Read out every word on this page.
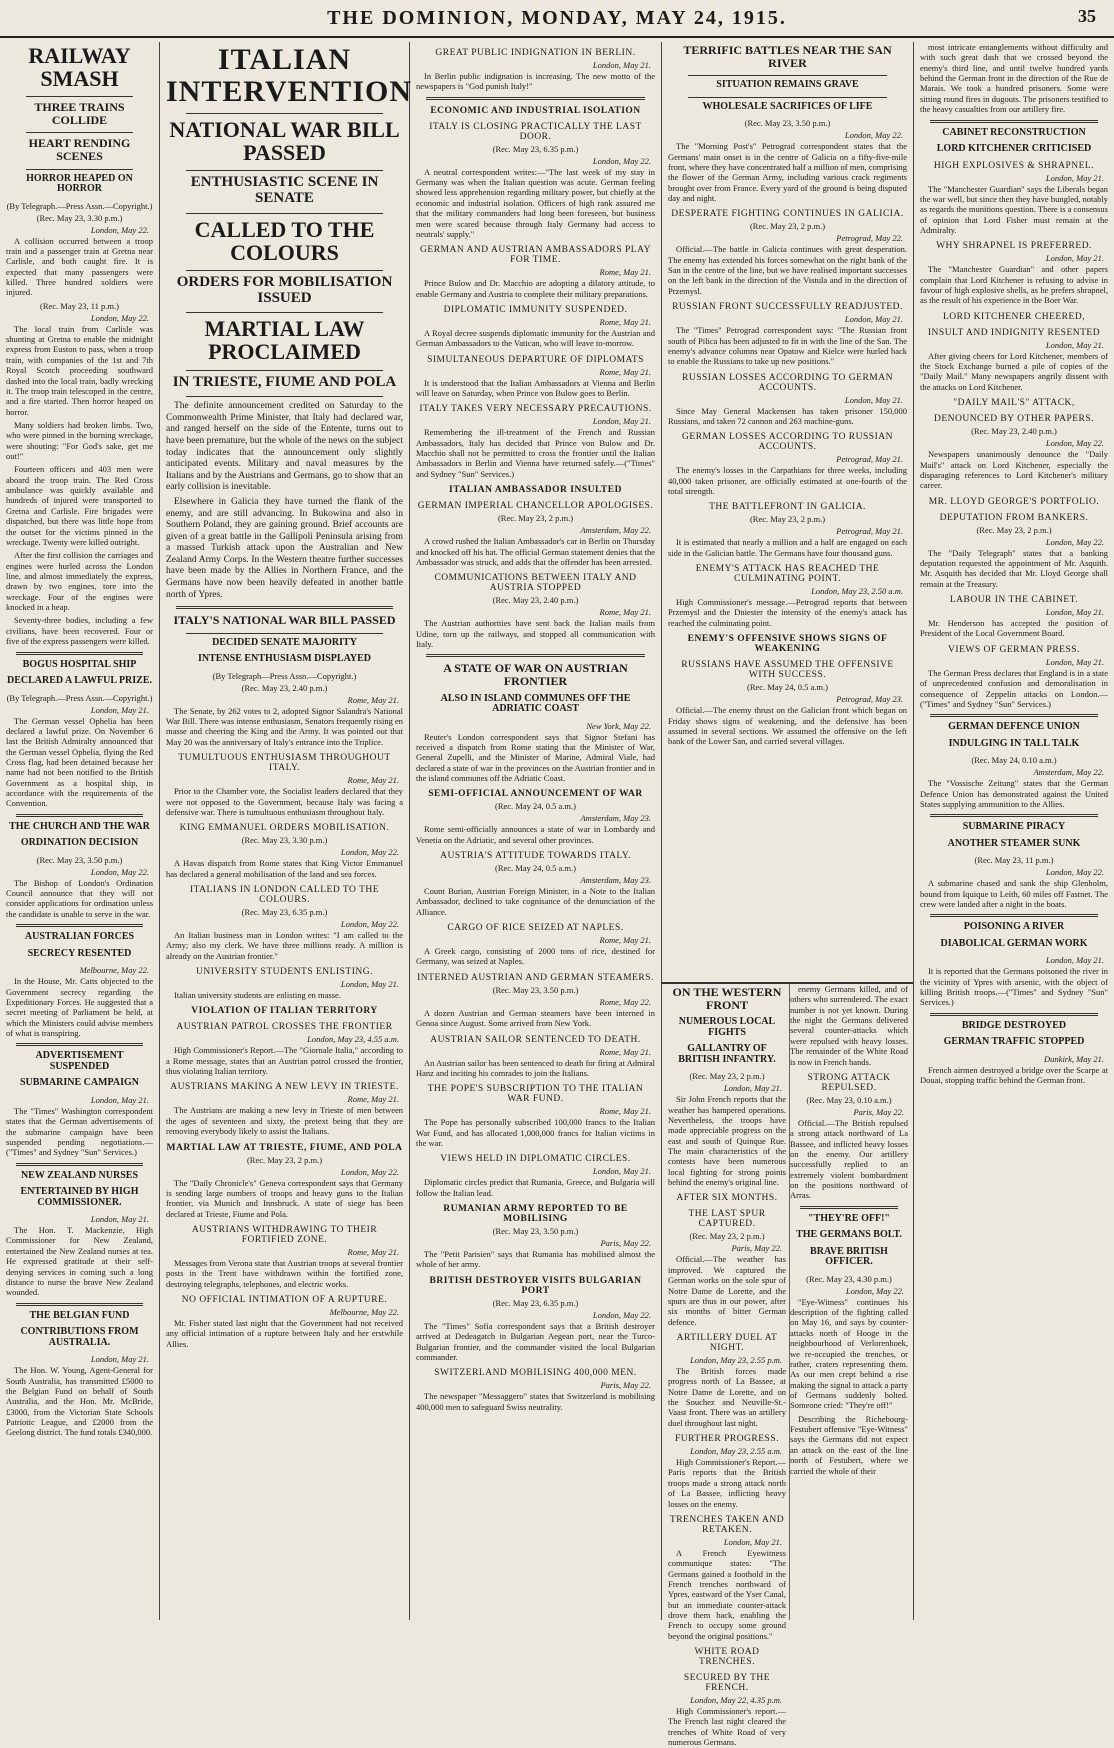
THE DOMINION, MONDAY, MAY 24, 1915.	35
RAILWAY SMASH
THREE TRAINS COLLIDE
HEART RENDING SCENES
HORROR HEAPED ON HORROR
(By Telegraph.—Press Assn.—Copyright.)
(Rec. May 23, 3.30 p.m.)
London, May 22.

A collision occurred between a troop train and a passenger train at Gretna near Carlisle, and both caught fire. It is expected that many passengers were killed. Three hundred soldiers were injured.

(Rec. May 23, 11 p.m.)
London, May 22.

The local train from Carlisle was shunting at Gretna to enable the midnight express from Euston to pass, when a troop train, with companies of the 1st and 7th Royal Scotch proceeding southward dashed into the local train, badly wrecking it. The troop train telescoped in the centre, and a fire started. Then horror heaped on horror.

Many soldiers had broken limbs. Two, who were pinned in the burning wreckage, were shouting: "For God's sake, get me out!"

Fourteen officers and 403 men were aboard the troop train. The Red Cross ambulance was quickly available and hundreds of injured were transported to Gretna and Carlisle. Fire brigades were dispatched, but there was little hope from the outset for the victims pinned in the wreckage. Twenty were killed outright.

After the first collision the carriages and engines were hurled across the London line, and almost immediately the express, drawn by two engines, tore into the wreckage. Four of the engines were knocked in a heap.

Seventy-three bodies, including a few civilians, have been recovered. Four or five of the express passengers were killed.

BOGUS HOSPITAL SHIP
DECLARED A LAWFUL PRIZE.
(By Telegraph.—Press Assn.—Copyright.)
London, May 21.

The German vessel Ophelia has been declared a lawful prize. On November 6 last the British Admiralty announced that the German vessel Ophelia, flying the Red Cross flag, had been detained because her name had not been notified to the British Government as a hospital ship, in accordance with the requirements of the Convention.

THE CHURCH AND THE WAR
ORDINATION DECISION
(Rec. May 23, 3.50 p.m.)
London, May 22.

The Bishop of London's Ordination Council announce that they will not consider applications for ordination unless the candidate is unable to serve in the war.

AUSTRALIAN FORCES
SECRECY RESENTED
Melbourne, May 22.

In the House, Mr. Catts objected to the Government secrecy regarding the Expeditionary Forces. He suggested that a secret meeting of Parliament be held, at which the Ministers could advise members of what is transpiring.

ADVERTISEMENT SUSPENDED
SUBMARINE CAMPAIGN
London, May 21.

The "Times" Washington correspondent states that the German advertisements of the submarine campaign have been suspended pending negotiations.—("Times" and Sydney "Sun" Services.)

NEW ZEALAND NURSES
ENTERTAINED BY HIGH COMMISSIONER.
London, May 21.

The Hon. T. Mackenzie, High Commissioner for New Zealand, entertained the New Zealand nurses at tea. He expressed gratitude at their self-denying services in coming such a long distance to nurse the brave New Zealand wounded.

THE BELGIAN FUND
CONTRIBUTIONS FROM AUSTRALIA.
London, May 21.

The Hon. W. Young, Agent-General for South Australia, has transmitted £5000 to the Belgian Fund on behalf of South Australia, and the Hon. Mr. McBride, £3000, from the Victorian State Schools Patriotic League, and £2000 from the Geelong district. The fund totals £340,000.

ITALIAN INTERVENTION
NATIONAL WAR BILL PASSED
ENTHUSIASTIC SCENE IN SENATE
CALLED TO THE COLOURS
ORDERS FOR MOBILISATION ISSUED
MARTIAL LAW PROCLAIMED
IN TRIESTE, FIUME AND POLA

The definite announcement credited on Saturday to the Commonwealth Prime Minister, that Italy had declared war, and ranged herself on the side of the Entente, turns out to have been premature, but the whole of the news on the subject today indicates that the announcement only slightly anticipated events. Military and naval measures by the Italians and by the Austrians and Germans, go to show that an early collision is inevitable.

Elsewhere in Galicia they have turned the flank of the enemy, and are still advancing. In Bukowina and also in Southern Poland, they are gaining ground. Brief accounts are given of a great battle in the Gallipoli Peninsula arising from a massed Turkish attack upon the Australian and New Zealand Army Corps. In the Western theatre further successes have been made by the Allies in Northern France, and the Germans have now been heavily defeated in another battle north of Ypres.

ITALY'S NATIONAL WAR BILL PASSED
DECIDED SENATE MAJORITY
INTENSE ENTHUSIASM DISPLAYED
(By Telegraph—Press Assn.—Copyright.)
(Rec. May 23, 2.40 p.m.)
Rome, May 21.

The Senate, by 262 votes to 2, adopted Signor Salandra's National War Bill. There was intense enthusiasm, Senators frequently rising en masse and cheering the King and the Army. It was pointed out that May 20 was the anniversary of Italy's entrance into the Triplice.

TUMULTUOUS ENTHUSIASM THROUGHOUT ITALY.
Rome, May 21.

Prior to the Chamber vote, the Socialist leaders declared that they were not opposed to the Government, because Italy was facing a defensive war. There is tumultuous enthusiasm throughout Italy.

KING EMMANUEL ORDERS MOBILISATION.
(Rec. May 23, 3.30 p.m.)
London, May 22.

A Havas dispatch from Rome states that King Victor Emmanuel has declared a general mobilisation of the land and sea forces.

ITALIANS IN LONDON CALLED TO THE COLOURS.
(Rec. May 23, 6.35 p.m.)
London, May 22.

An Italian business man in London writes: "I am called to the Army; also my clerk. We have three millions ready. A million is already on the Austrian frontier."

UNIVERSITY STUDENTS ENLISTING.
London, May 21.

Italian university students are enlisting en masse.

VIOLATION OF ITALIAN TERRITORY
AUSTRIAN PATROL CROSSES THE FRONTIER
London, May 23, 4.55 a.m.

High Commissioner's Report.—The "Giornale Italia," according to a Rome message, states that an Austrian patrol crossed the frontier, thus violating Italian territory.

AUSTRIANS MAKING A NEW LEVY IN TRIESTE.
Rome, May 21.

The Austrians are making a new levy in Trieste of men between the ages of seventeen and sixty, the pretext being that they are removing everybody likely to assist the Italians.

MARTIAL LAW AT TRIESTE, FIUME, AND POLA
(Rec. May 23, 2 p.m.)
London, May 22.

The "Daily Chronicle's" Geneva correspondent says that Germany is sending large numbers of troops and heavy guns to the Italian frontier, via Munich and Innsbruck. A state of siege has been declared at Trieste, Fiume and Pola.

AUSTRIANS WITHDRAWING TO THEIR FORTIFIED ZONE.
Rome, May 21.

Messages from Verona state that Austrian troops at several frontier posts in the Trent have withdrawn within the fortified zone, destroying telegraphs, telephones, and electric works.

NO OFFICIAL INTIMATION OF A RUPTURE.
Melbourne, May 22.

Mr. Fisher stated last night that the Government had not received any official intimation of a rupture between Italy and her erstwhile Allies.

GREAT PUBLIC INDIGNATION IN BERLIN.
London, May 21.

In Berlin public indignation is increasing. The new motto of the newspapers is "God punish Italy!"

ECONOMIC AND INDUSTRIAL ISOLATION
ITALY IS CLOSING PRACTICALLY THE LAST DOOR.
(Rec. May 23, 6.35 p.m.)
London, May 22.

A neutral correspondent writes:—"The last week of my stay in Germany was when the Italian question was acute. German feeling showed less apprehension regarding military power, but chiefly at the economic and industrial isolation. Officers of high rank assured me that the military commanders had long been foreseen, but business men were scared because through Italy Germany had access to neutrals' supply."

GERMAN AND AUSTRIAN AMBASSADORS PLAY FOR TIME.
Rome, May 21.

Prince Bulow and Dr. Macchio are adopting a dilatory attitude, to enable Germany and Austria to complete their military preparations.

DIPLOMATIC IMMUNITY SUSPENDED.
Rome, May 21.

A Royal decree suspends diplomatic immunity for the Austrian and German Ambassadors to the Vatican, who will leave to-morrow.

SIMULTANEOUS DEPARTURE OF DIPLOMATS
Rome, May 21.

It is understood that the Italian Ambassadors at Vienna and Berlin will leave on Saturday, when Prince von Bulow goes to Berlin.

ITALY TAKES VERY NECESSARY PRECAUTIONS.
London, May 21.

Remembering the ill-treatment of the French and Russian Ambassadors, Italy has decided that Prince von Bulow and Dr. Macchio shall not be permitted to cross the frontier until the Italian Ambassadors in Berlin and Vienna have returned safely.—("Times" and Sydney "Sun" Services.)

ITALIAN AMBASSADOR INSULTED
GERMAN IMPERIAL CHANCELLOR APOLOGISES.
(Rec. May 23, 2 p.m.)
Amsterdam, May 22.

A crowd rushed the Italian Ambassador's car in Berlin on Thursday and knocked off his hat. The official German statement denies that the Ambassador was struck, and adds that the offender has been arrested.

COMMUNICATIONS BETWEEN ITALY AND AUSTRIA STOPPED
(Rec. May 23, 2.40 p.m.)
Rome, May 21.

The Austrian authorities have sent back the Italian mails from Udine, torn up the railways, and stopped all communication with Italy.

A STATE OF WAR ON AUSTRIAN FRONTIER
ALSO IN ISLAND COMMUNES OFF THE ADRIATIC COAST
New York, May 22.

Reuter's London correspondent says that Signor Stefani has received a dispatch from Rome stating that the Minister of War, General Zupelli, and the Minister of Marine, Admiral Viale, had declared a state of war in the provinces on the Austrian frontier and in the island communes off the Adriatic Coast.

SEMI-OFFICIAL ANNOUNCEMENT OF WAR
(Rec. May 24, 0.5 a.m.)
Amsterdam, May 23.

Rome semi-officially announces a state of war in Lombardy and Venetia on the Adriatic, and several other provinces.

AUSTRIA'S ATTITUDE TOWARDS ITALY.
(Rec. May 24, 0.5 a.m.)
Amsterdam, May 23.

Count Burian, Austrian Foreign Minister, in a Note to the Italian Ambassador, declined to take cognisance of the denunciation of the Alliance.

CARGO OF RICE SEIZED AT NAPLES.
Rome, May 21.

A Greek cargo, consisting of 2000 tons of rice, destined for Germany, was seized at Naples.

INTERNED AUSTRIAN AND GERMAN STEAMERS.
(Rec. May 23, 3.50 p.m.)
Rome, May 22.

A dozen Austrian and German steamers have been interned in Genoa since August. Some arrived from New York.

AUSTRIAN SAILOR SENTENCED TO DEATH.
Rome, May 21.

An Austrian sailor has been sentenced to death for firing at Admiral Hanz and inciting his comrades to join the Italians.

THE POPE'S SUBSCRIPTION TO THE ITALIAN WAR FUND.
Rome, May 21.

The Pope has personally subscribed 100,000 francs to the Italian War Fund, and has allocated 1,000,000 francs for Italian victims in the war.

VIEWS HELD IN DIPLOMATIC CIRCLES.
London, May 21.

Diplomatic circles predict that Rumania, Greece, and Bulgaria will follow the Italian lead.

RUMANIAN ARMY REPORTED TO BE MOBILISING
(Rec. May 23, 3.50 p.m.)
Paris, May 22.

The "Petit Parisien" says that Rumania has mobilised almost the whole of her army.

BRITISH DESTROYER VISITS BULGARIAN PORT
(Rec. May 23, 6.35 p.m.)
London, May 22.

The "Times" Sofia correspondent says that a British destroyer arrived at Dedeagatch in Bulgarian Aegean port, near the Turco-Bulgarian frontier, and the commander visited the local Bulgarian commander.

SWITZERLAND MOBILISING 400,000 MEN.
Paris, May 22.

The newspaper "Messaggero" states that Switzerland is mobilising 400,000 men to safeguard Swiss neutrality.

TERRIFIC BATTLES NEAR THE SAN RIVER
SITUATION REMAINS GRAVE
WHOLESALE SACRIFICES OF LIFE
(Rec. May 23, 3.50 p.m.)
London, May 22.

The "Morning Post's" Petrograd correspondent states that the Germans' main onset is in the centre of Galicia on a fifty-five-mile front, where they have concentrated half a million of men, comprising the flower of the German Army, including various crack regiments brought over from France. Every yard of the ground is being disputed day and night.

DESPERATE FIGHTING CONTINUES IN GALICIA.
(Rec. May 23, 2 p.m.)
Petrograd, May 22.

Official.—The battle in Galicia continues with great desperation. The enemy has extended his forces somewhat on the right bank of the San in the centre of the line, but we have realised important successes on the left bank in the direction of the Vistula and in the direction of Przemysl.

RUSSIAN FRONT SUCCESSFULLY READJUSTED.
London, May 21.

The "Times" Petrograd correspondent says: "The Russian front south of Pilica has been adjusted to fit in with the line of the San. The enemy's advance columns near Opatow and Kielce were hurled back to enable the Russians to take up new positions."

RUSSIAN LOSSES ACCORDING TO GERMAN ACCOUNTS.
London, May 21.

Since May General Mackensen has taken prisoner 150,000 Russians, and taken 72 cannon and 263 machine-guns.

GERMAN LOSSES ACCORDING TO RUSSIAN ACCOUNTS.
Petrograd, May 21.

The enemy's losses in the Carpathians for three weeks, including 40,000 taken prisoner, are officially estimated at one-fourth of the total strength.

THE BATTLEFRONT IN GALICIA.
(Rec. May 23, 2 p.m.)
Petrograd, May 21.

It is estimated that nearly a million and a half are engaged on each side in the Galician battle. The Germans have four thousand guns.

ENEMY'S ATTACK HAS REACHED THE CULMINATING POINT.
London, May 23, 2.50 a.m.

High Commissioner's message.—Petrograd reports that between Przemysl and the Dniester the intensity of the enemy's attack has reached the culminating point.

ENEMY'S OFFENSIVE SHOWS SIGNS OF WEAKENING
RUSSIANS HAVE ASSUMED THE OFFENSIVE WITH SUCCESS.
(Rec. May 24, 0.5 a.m.)
Petrograd, May 23.

Official.—The enemy thrust on the Galician front which began on Friday shows signs of weakening, and the defensive has been assumed in several sections. We assumed the offensive on the left bank of the Lower San, and carried several villages.

ON THE WESTERN FRONT
NUMEROUS LOCAL FIGHTS
GALLANTRY OF BRITISH INFANTRY.
(Rec. May 23, 2 p.m.)
London, May 21.

Sir John French reports that the weather has hampered operations. Nevertheless, the troops have made appreciable progress on the east and south of Quinque Rue. The main characteristics of the contests have been numerous local fighting for strong points behind the enemy's original line.

AFTER SIX MONTHS.
THE LAST SPUR CAPTURED.
(Rec. May 23, 2 p.m.)
Paris, May 22.

Official.—The weather has improved. We captured the German works on the sole spur of Notre Dame de Lorette, and the spurs are thus in our power, after six months of bitter German defence.

ARTILLERY DUEL AT NIGHT.
London, May 23, 2.55 p.m.

The British forces made progress north of La Bassee, at Notre Dame de Lorette, and on the Souchez and Neuville-St.-Vaast front. There was an artillery duel throughout last night.

FURTHER PROGRESS.
London, May 23, 2.55 a.m.

High Commissioner's Report.—Paris reports that the British troops made a strong attack north of La Bassee, inflicting heavy losses on the enemy.

TRENCHES TAKEN AND RETAKEN.
London, May 21.

A French Eyewitness communique states: "The Germans gained a foothold in the French trenches northward of Ypres, eastward of the Yser Canal, but an immediate counter-attack drove them back, enabling the French to occupy some ground beyond the original positions."

WHITE ROAD TRENCHES.
SECURED BY THE FRENCH.
London, May 22, 4.35 p.m.

High Commissioner's report.—The French last night cleared the trenches of White Road of very numerous Germans.

enemy Germans killed, and of others who surrendered. The exact number is not yet known. During the night the Germans delivered several counter-attacks which were repulsed with heavy losses. The remainder of the White Road is now in French hands.

STRONG ATTACK REPULSED.
(Rec. May 23, 0.10 a.m.)
Paris, May 22.

Official.—The British repulsed a strong attack northward of La Bassee, and inflicted heavy losses on the enemy. Our artillery successfully replied to an extremely violent bombardment on the positions northward of Arras.

"THEY'RE OFF!"
THE GERMANS BOLT.
BRAVE BRITISH OFFICER.
(Rec. May 23, 4.30 p.m.)
London, May 22.

"Eye-Witness" continues his description of the fighting called on May 16, and says by counter-attacks north of Hooge in the neighbourhood of Verlorenhoek, we re-occupied the trenches, or rather, craters representing them. As our men crept behind a rise making the signal to attack a party of Germans suddenly bolted. Someone cried: "They're off!"

Describing the Richebourg-Festubert offensive "Eye-Witness" says the Germans did not expect an attack on the east of the line north of Festubert, where we carried the whole of their

most intricate entanglements without difficulty and with such great dash that we crossed beyond the enemy's third line, and until twelve hundred yards behind the German front in the direction of the Rue de Marais. We took a hundred prisoners. Some were sitting round fires in dugouts. The prisoners testified to the heavy casualties from our artillery fire.

CABINET RECONSTRUCTION
LORD KITCHENER CRITICISED
HIGH EXPLOSIVES & SHRAPNEL.
London, May 21.

The "Manchester Guardian" says the Liberals began the war well, but since then they have bungled, notably as regards the munitions question. There is a consensus of opinion that Lord Fisher must remain at the Admiralty.

WHY SHRAPNEL IS PREFERRED.
London, May 21.

The "Manchester Guardian" and other papers complain that Lord Kitchener is refusing to advise in favour of high explosive shells, as he prefers shrapnel, as the result of his experience in the Boer War.

LORD KITCHENER CHEERED,
INSULT AND INDIGNITY RESENTED
London, May 21.

After giving cheers for Lord Kitchener, members of the Stock Exchange burned a pile of copies of the "Daily Mail." Many newspapers angrily dissent with the attacks on Lord Kitchener.

"DAILY MAIL'S" ATTACK,
DENOUNCED BY OTHER PAPERS.
(Rec. May 23, 2.40 p.m.)
London, May 22.

Newspapers unanimously denounce the "Daily Mail's" attack on Lord Kitchener, especially the disparaging references to Lord Kitchener's military career.

MR. LLOYD GEORGE'S PORTFOLIO.
DEPUTATION FROM BANKERS.
(Rec. May 23, 2 p.m.)
London, May 22.

The "Daily Telegraph" states that a banking deputation requested the appointment of Mr. Asquith. Mr. Asquith has decided that Mr. Lloyd George shall remain at the Treasury.

LABOUR IN THE CABINET.
London, May 21.

Mr. Henderson has accepted the position of President of the Local Government Board.

VIEWS OF GERMAN PRESS.
London, May 21.

The German Press declares that England is in a state of unprecedented confusion and demoralisation in consequence of Zeppelin attacks on London.—("Times" and Sydney "Sun" Services.)

GERMAN DEFENCE UNION
INDULGING IN TALL TALK
(Rec. May 24, 0.10 a.m.)
Amsterdam, May 22.

The "Vossische Zeitung" states that the German Defence Union has demonstrated against the United States supplying ammunition to the Allies.

SUBMARINE PIRACY
ANOTHER STEAMER SUNK
(Rec. May 23, 11 p.m.)
London, May 22.

A submarine chased and sank the ship Glenholm, bound from Iquique to Leith, 60 miles off Fastnet. The crew were landed after a night in the boats.

POISONING A RIVER
DIABOLICAL GERMAN WORK
London, May 21.

It is reported that the Germans poisoned the river in the vicinity of Ypres with arsenic, with the object of killing British troops.—("Times" and Sydney "Sun" Services.)

BRIDGE DESTROYED
GERMAN TRAFFIC STOPPED
Dunkirk, May 21.

French airmen destroyed a bridge over the Scarpe at Douai, stopping traffic behind the German front.
